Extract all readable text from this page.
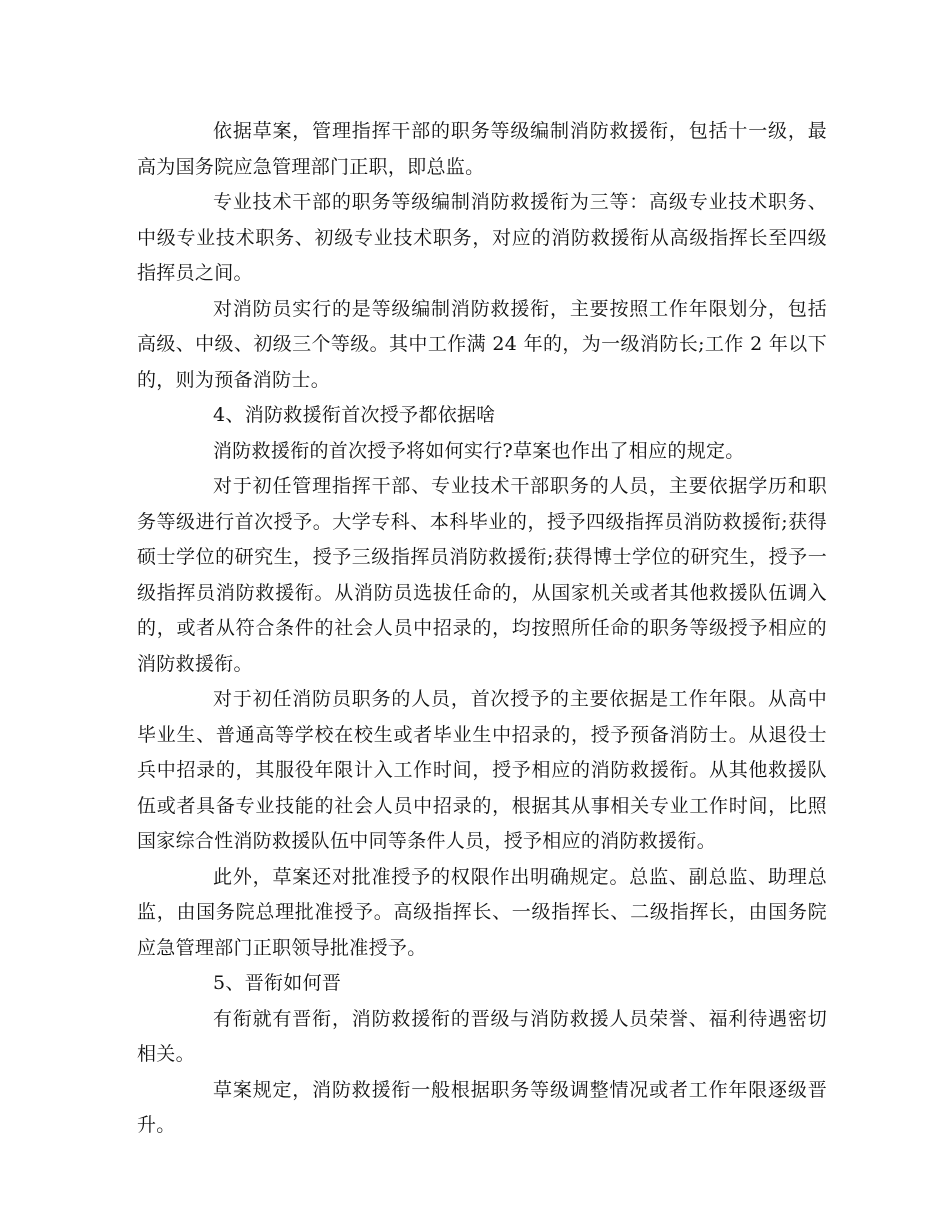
依据草案，管理指挥干部的职务等级编制消防救援衔，包括十一级，最高为国务院应急管理部门正职，即总监。

专业技术干部的职务等级编制消防救援衔为三等：高级专业技术职务、中级专业技术职务、初级专业技术职务，对应的消防救援衔从高级指挥长至四级指挥员之间。

对消防员实行的是等级编制消防救援衔，主要按照工作年限划分，包括高级、中级、初级三个等级。其中工作满 24 年的，为一级消防长;工作 2 年以下的，则为预备消防士。

4、消防救援衔首次授予都依据啥

消防救援衔的首次授予将如何实行?草案也作出了相应的规定。

对于初任管理指挥干部、专业技术干部职务的人员，主要依据学历和职务等级进行首次授予。大学专科、本科毕业的，授予四级指挥员消防救援衔;获得硕士学位的研究生，授予三级指挥员消防救援衔;获得博士学位的研究生，授予一级指挥员消防救援衔。从消防员选拔任命的，从国家机关或者其他救援队伍调入的，或者从符合条件的社会人员中招录的，均按照所任命的职务等级授予相应的消防救援衔。

对于初任消防员职务的人员，首次授予的主要依据是工作年限。从高中毕业生、普通高等学校在校生或者毕业生中招录的，授予预备消防士。从退役士兵中招录的，其服役年限计入工作时间，授予相应的消防救援衔。从其他救援队伍或者具备专业技能的社会人员中招录的，根据其从事相关专业工作时间，比照国家综合性消防救援队伍中同等条件人员，授予相应的消防救援衔。

此外，草案还对批准授予的权限作出明确规定。总监、副总监、助理总监，由国务院总理批准授予。高级指挥长、一级指挥长、二级指挥长，由国务院应急管理部门正职领导批准授予。

5、晋衔如何晋

有衔就有晋衔，消防救援衔的晋级与消防救援人员荣誉、福利待遇密切相关。

草案规定，消防救援衔一般根据职务等级调整情况或者工作年限逐级晋升。
